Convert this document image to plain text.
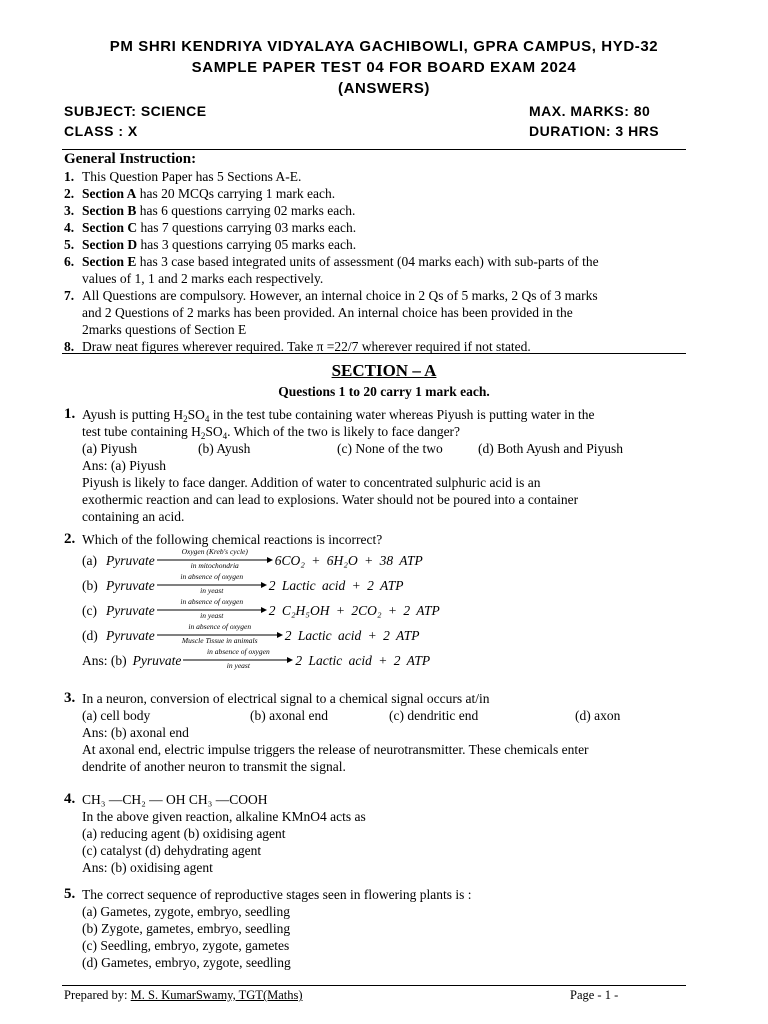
PM SHRI KENDRIYA VIDYALAYA GACHIBOWLI, GPRA CAMPUS, HYD-32
SAMPLE PAPER TEST 04 FOR BOARD EXAM 2024
(ANSWERS)
SUBJECT: SCIENCE	MAX. MARKS: 80
CLASS : X	DURATION: 3 HRS
General Instruction:
1. This Question Paper has 5 Sections A-E.
2. Section A has 20 MCQs carrying 1 mark each.
3. Section B has 6 questions carrying 02 marks each.
4. Section C has 7 questions carrying 03 marks each.
5. Section D has 3 questions carrying 05 marks each.
6. Section E has 3 case based integrated units of assessment (04 marks each) with sub-parts of the
values of 1, 1 and 2 marks each respectively.
7. All Questions are compulsory. However, an internal choice in 2 Qs of 5 marks, 2 Qs of 3 marks
and 2 Questions of 2 marks has been provided. An internal choice has been provided in the
2marks questions of Section E
8. Draw neat figures wherever required. Take π =22/7 wherever required if not stated.
SECTION – A
Questions 1 to 20 carry 1 mark each.
1. Ayush is putting $H_2SO_4$ in the test tube containing water whereas Piyush is putting water in the
test tube containing $H_2SO_4$. Which of the two is likely to face danger?
(a) Piyush	(b) Ayush	(c) None of the two	(d) Both Ayush and Piyush
Ans: (a) Piyush
Piyush is likely to face danger. Addition of water to concentrated sulphuric acid is an
exothermic reaction and can lead to explosions. Water should not be poured into a container
containing an acid.
2. Which of the following chemical reactions is incorrect?
(a) Pyruvate
Oxygen (Kreb's cycle)
in mitochondria	6CO₂ + 6H₂O + 38 ATP
(b) Pyruvate
in absence of oxygen
in yeast	2 Lactic acid + 2 ATP
(c) Pyruvate
in absence of oxygen
in yeast	2 C₂H₅OH + 2CO₂ + 2 ATP
(d) Pyruvate
in absence of oxygen
Muscle Tissue in animals	2 Lactic acid + 2 ATP
Ans: (b) Pyruvate
in absence of oxygen
in yeast	2 Lactic acid + 2 ATP
3. In a neuron, conversion of electrical signal to a chemical signal occurs at/in
(a) cell body	(b) axonal end	(c) dendritic end	(d) axon
Ans: (b) axonal end
At axonal end, electric impulse triggers the release of neurotransmitter. These chemicals enter
dendrite of another neuron to transmit the signal.
4. CH₃ —CH₂ — OH CH₃ —COOH
In the above given reaction, alkaline KMnO4 acts as
(a) reducing agent (b) oxidising agent
(c) catalyst (d) dehydrating agent
Ans: (b) oxidising agent
5. The correct sequence of reproductive stages seen in flowering plants is :
(a) Gametes, zygote, embryo, seedling
(b) Zygote, gametes, embryo, seedling
(c) Seedling, embryo, zygote, gametes
(d) Gametes, embryo, zygote, seedling
Prepared by: M. S. KumarSwamy, TGT(Maths)	Page - 1 -
